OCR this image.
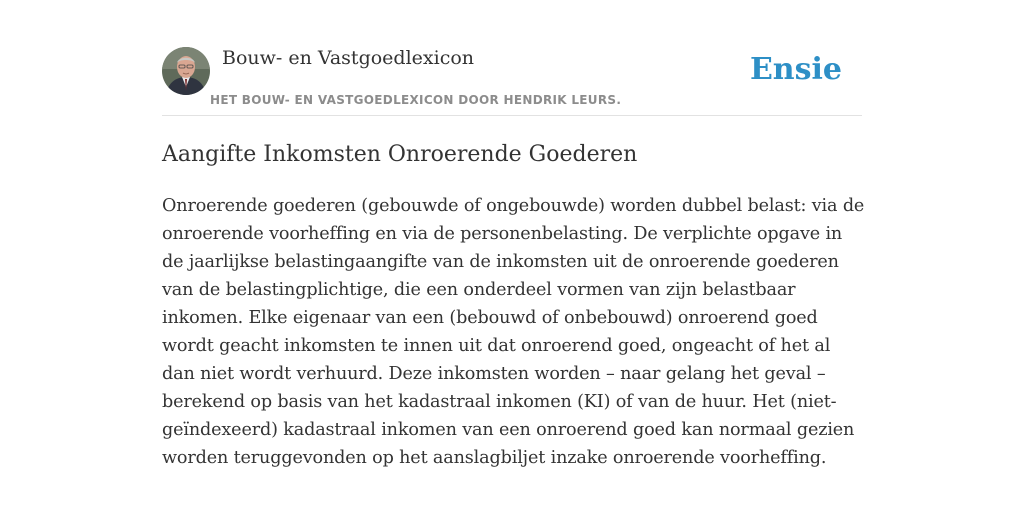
Bouw- en Vastgoedlexicon
HET BOUW- EN VASTGOEDLEXICON DOOR HENDRIK LEURS.
Ensie
Aangifte Inkomsten Onroerende Goederen

Onroerende goederen (gebouwde of ongebouwde) worden dubbel belast: via de onroerende voorheffing en via de personenbelasting. De verplichte opgave in de jaarlijkse belastingaangifte van de inkomsten uit de onroerende goederen van de belastingplichtige, die een onderdeel vormen van zijn belastbaar inkomen. Elke eigenaar van een (bebouwd of onbebouwd) onroerend goed wordt geacht inkomsten te innen uit dat onroerend goed, ongeacht of het al dan niet wordt verhuurd. Deze inkomsten worden – naar gelang het geval – berekend op basis van het kadastraal inkomen (KI) of van de huur. Het (niet-geïndexeerd) kadastraal inkomen van een onroerend goed kan normaal gezien worden teruggevonden op het aanslagbiljet inzake onroerende voorheffing.
